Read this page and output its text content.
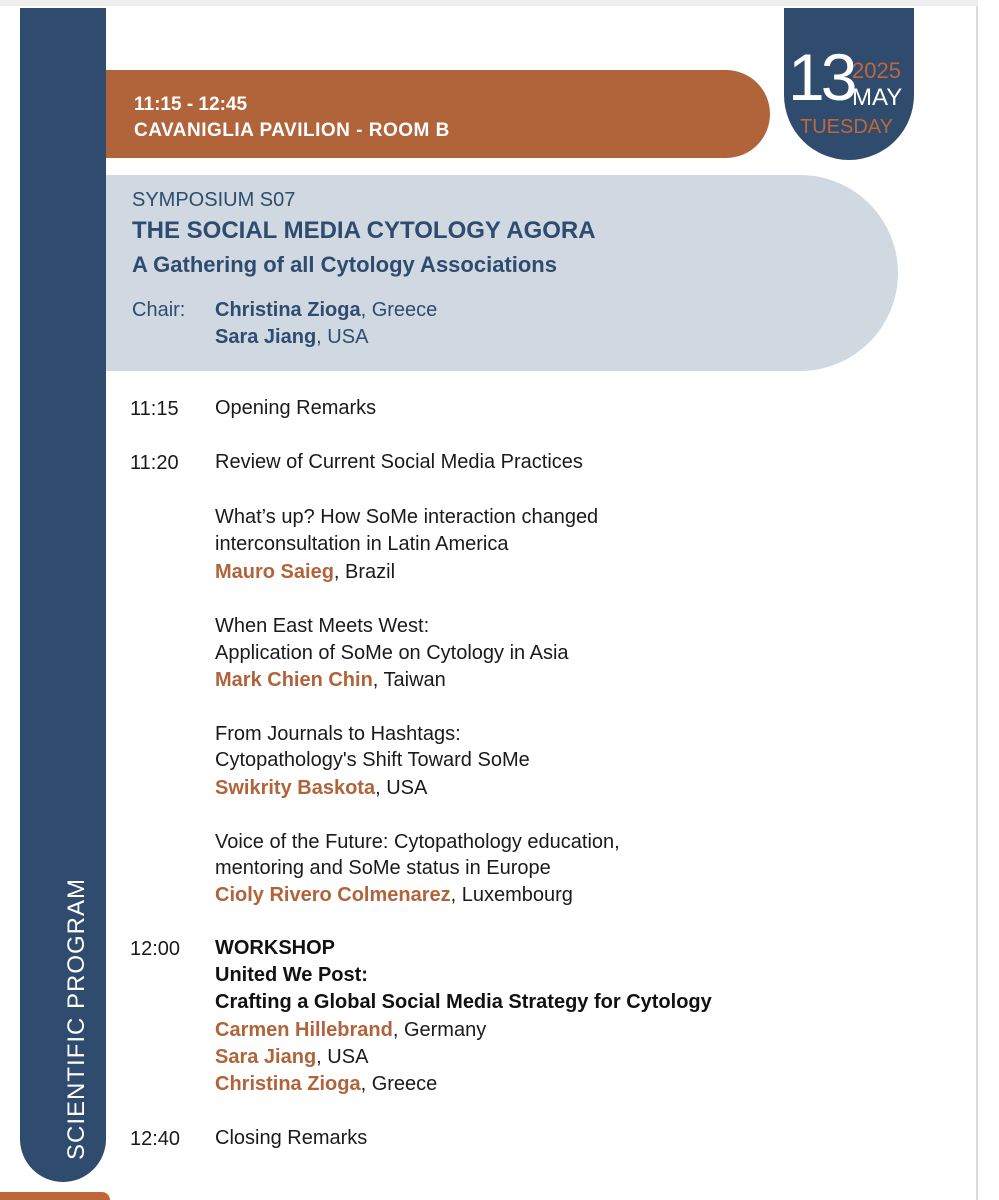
SCIENTIFIC PROGRAM
11:15 - 12:45
CAVANIGLIA PAVILION - ROOM B
13
2025
MAY
TUESDAY
SYMPOSIUM S07
THE SOCIAL MEDIA CYTOLOGY AGORA
A Gathering of all Cytology Associations
Chair: Christina Zioga, Greece
Sara Jiang, USA
11:15 Opening Remarks
11:20 Review of Current Social Media Practices
What’s up? How SoMe interaction changed
interconsultation in Latin America
Mauro Saieg, Brazil
When East Meets West:
Application of SoMe on Cytology in Asia
Mark Chien Chin, Taiwan
From Journals to Hashtags:
Cytopathology's Shift Toward SoMe
Swikrity Baskota, USA
Voice of the Future: Cytopathology education,
mentoring and SoMe status in Europe
Cioly Rivero Colmenarez, Luxembourg
12:00 WORKSHOP
United We Post:
Crafting a Global Social Media Strategy for Cytology
Carmen Hillebrand, Germany
Sara Jiang, USA
Christina Zioga, Greece
12:40 Closing Remarks
